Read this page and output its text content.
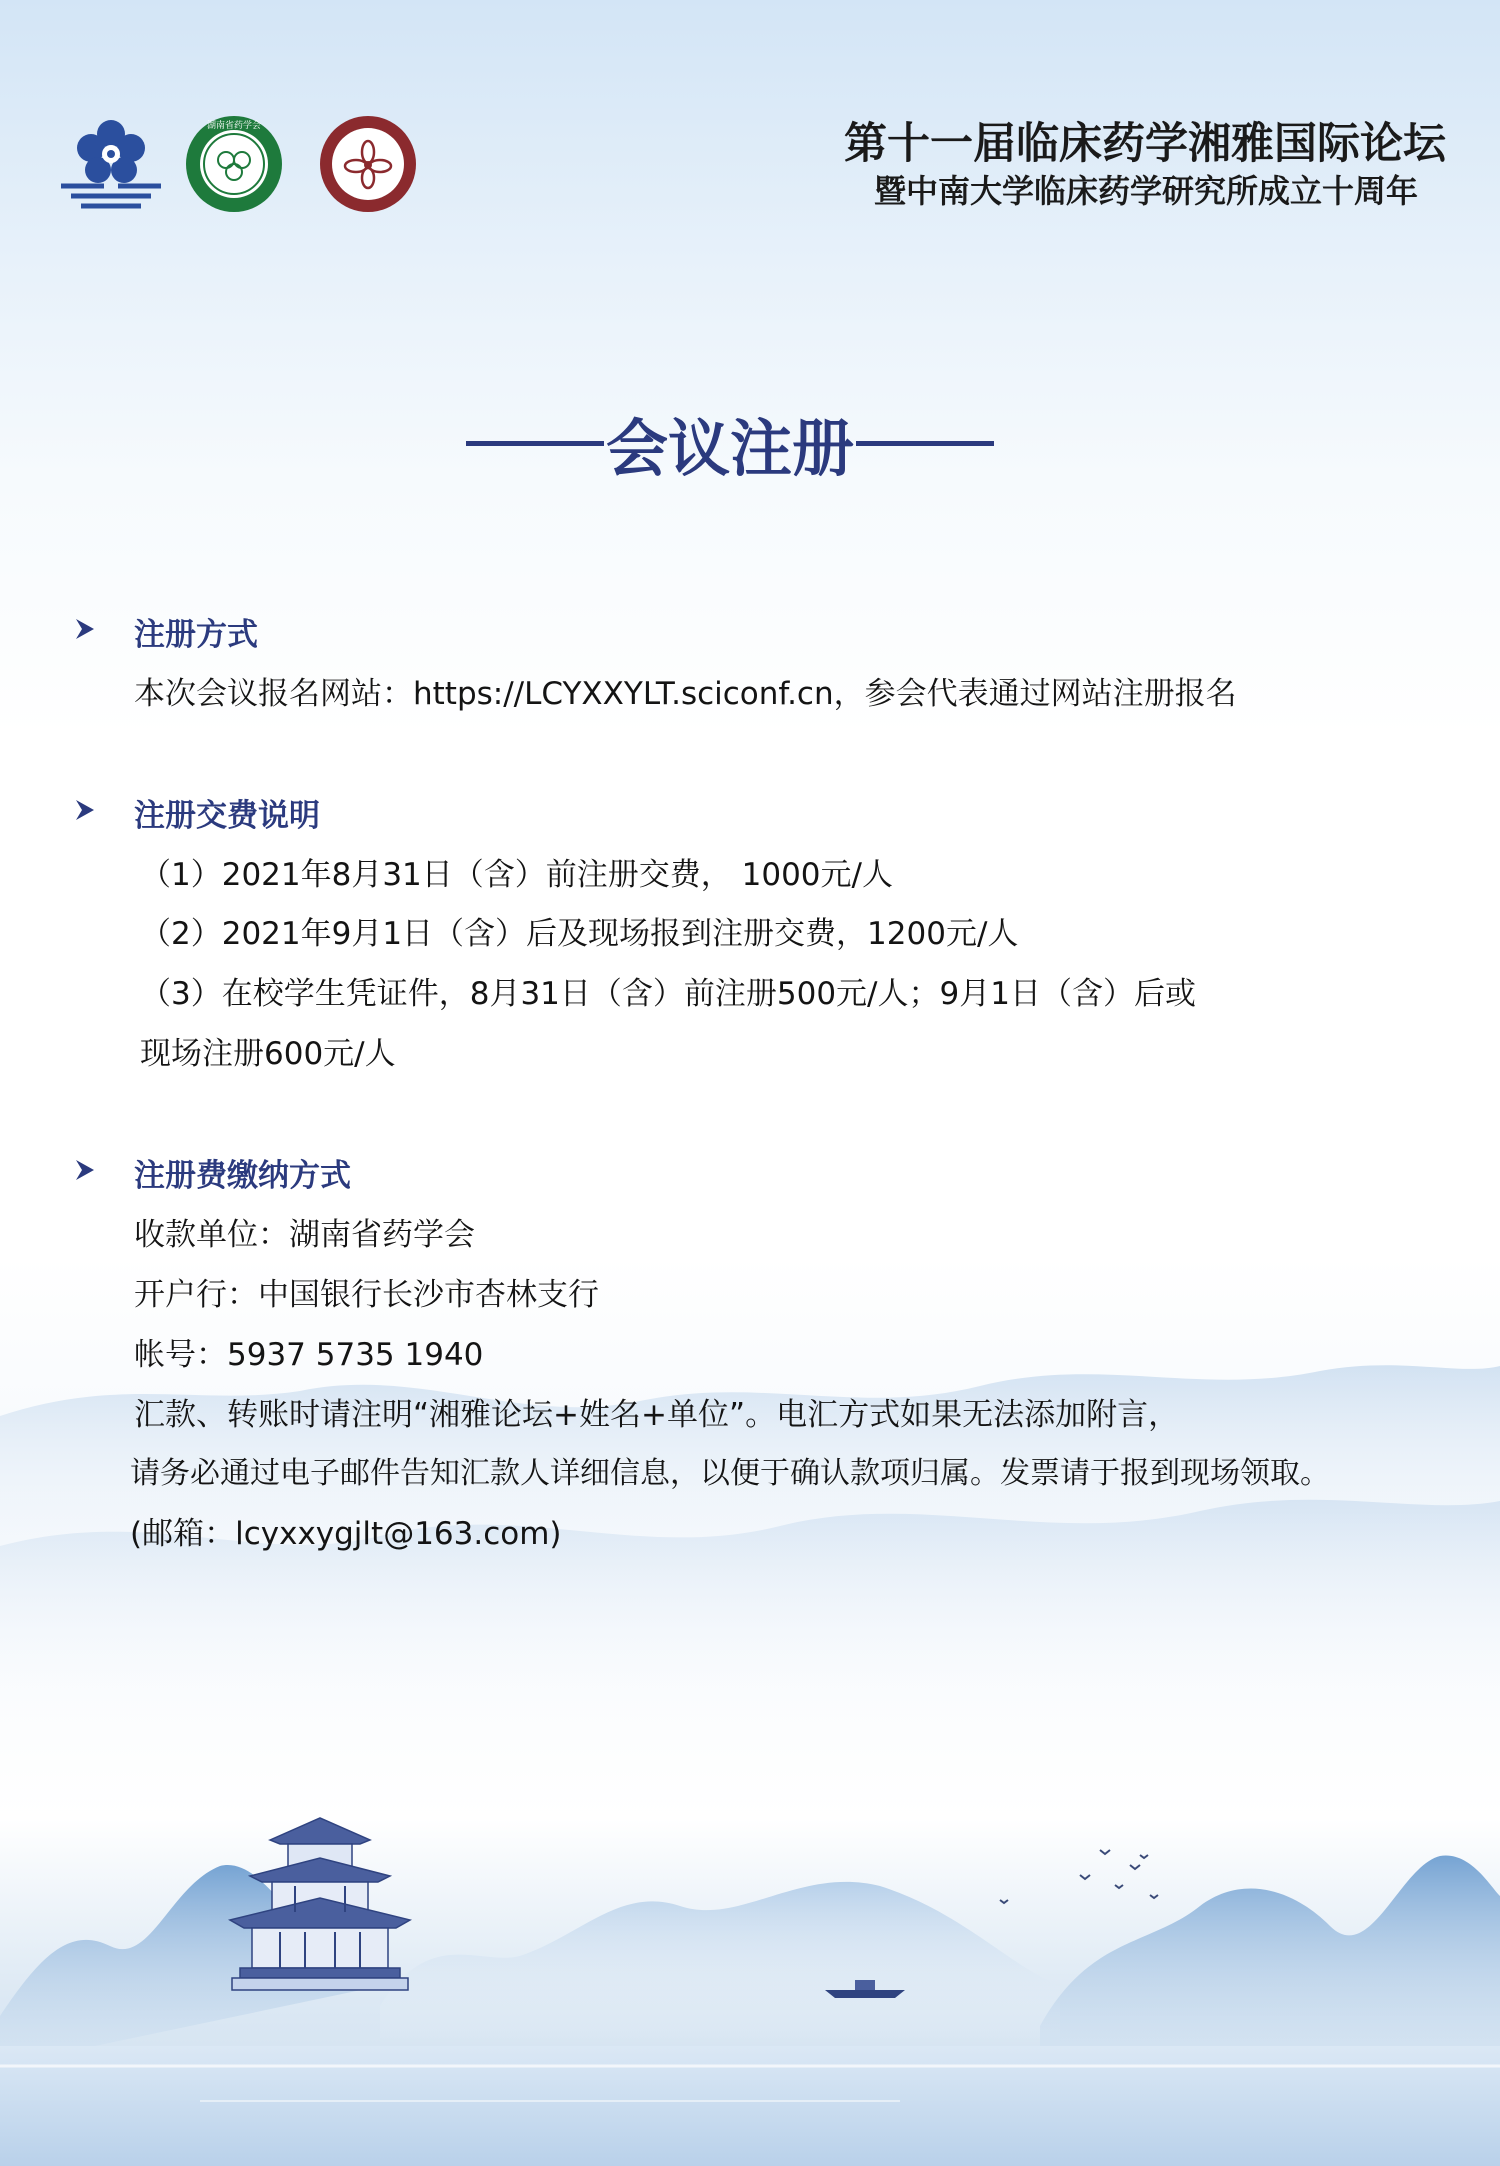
湖南省药学会	第十一届临床药学湘雅国际论坛
暨中南大学临床药学研究所成立十周年
会议注册
注册方式
本次会议报名网站：https://LCYXXYLT.sciconf.cn，参会代表通过网站注册报名
注册交费说明
（1）2021年8月31日（含）前注册交费， 1000元/人
（2）2021年9月1日（含）后及现场报到注册交费，1200元/人
（3）在校学生凭证件，8月31日（含）前注册500元/人；9月1日（含）后或
现场注册600元/人
注册费缴纳方式
收款单位：湖南省药学会
开户行：中国银行长沙市杏林支行
帐号：5937 5735 1940
汇款、转账时请注明“湘雅论坛+姓名+单位”。电汇方式如果无法添加附言，
请务必通过电子邮件告知汇款人详细信息，以便于确认款项归属。发票请于报到现场领取。
(邮箱：lcyxxygjlt@163.com)
